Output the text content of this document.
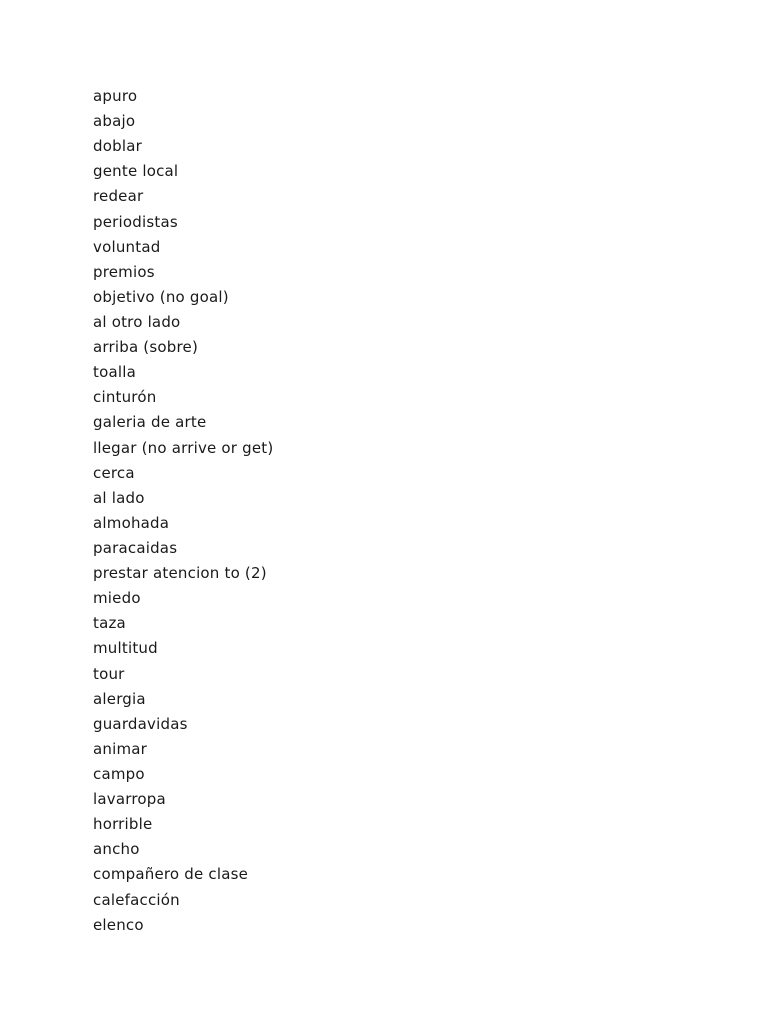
apuro
abajo
doblar
gente local
redear
periodistas
voluntad
premios
objetivo (no goal)
al otro lado
arriba (sobre)
toalla
cinturón
galeria de arte
llegar (no arrive or get)
cerca
al lado
almohada
paracaidas
prestar atencion to (2)
miedo
taza
multitud
tour
alergia
guardavidas
animar
campo
lavarropa
horrible
ancho
compañero de clase
calefacción
elenco
